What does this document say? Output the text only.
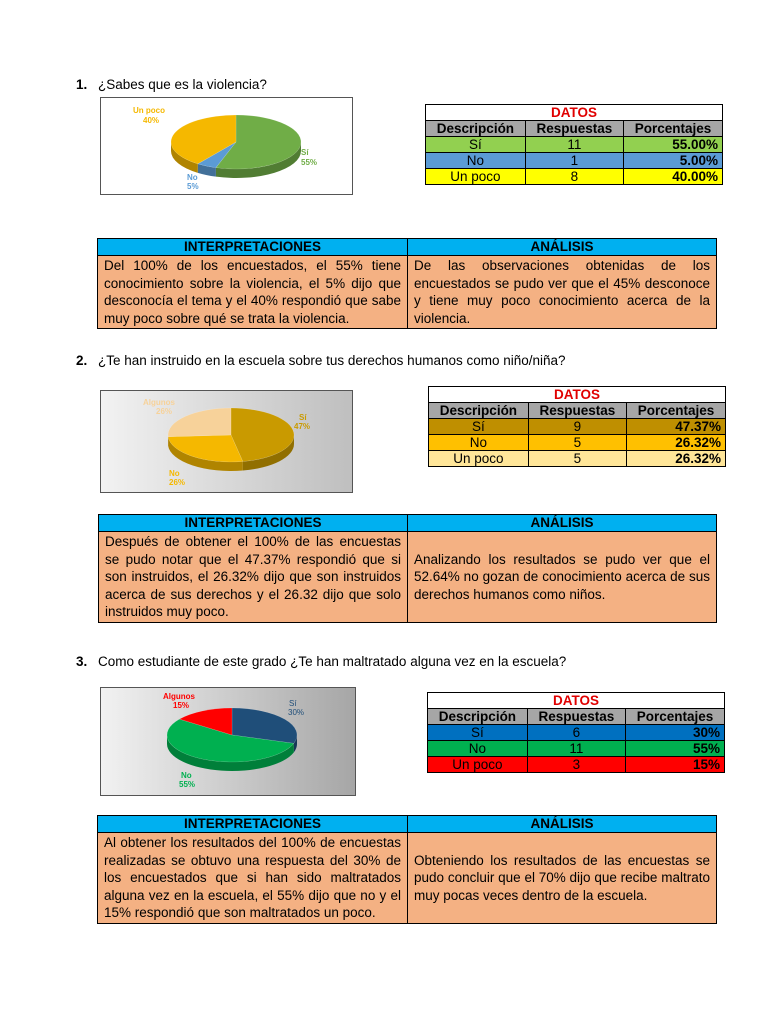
1. ¿Sabes que es la violencia?
Sí
55%
No
5%
Un poco
40%
DATOS		
Descripción	Respuestas	Porcentajes
Sí	11	55.00%
No	1	5.00%
Un poco	8	40.00%
INTERPRETACIONES	ANÁLISIS
Del 100% de los encuestados, el 55% tiene conocimiento sobre la violencia, el 5% dijo que desconocía el tema y el 40% respondió que sabe muy poco sobre qué se trata la violencia.	De las observaciones obtenidas de los encuestados se pudo ver que el 45% desconoce y tiene muy poco conocimiento acerca de la violencia.
2. ¿Te han instruido en la escuela sobre tus derechos humanos como niño/niña?
Sí
47%
No
26%
Algunos
26%
DATOS		
Descripción	Respuestas	Porcentajes
Sí	9	47.37%
No	5	26.32%
Un poco	5	26.32%
INTERPRETACIONES	ANÁLISIS
Después de obtener el 100% de las encuestas se pudo notar que el 47.37% respondió que si son instruidos, el 26.32% dijo que son instruidos acerca de sus derechos y el 26.32 dijo que solo instruidos muy poco.	Analizando los resultados se pudo ver que el 52.64% no gozan de conocimiento acerca de sus derechos humanos como niños.
3. Como estudiante de este grado ¿Te han maltratado alguna vez en la escuela?
Sí
30%
No
55%
Algunos
15%	DATOS		
Descripción	Respuestas	Porcentajes
Sí	6	30%
No	11	55%
Un poco	3	15%
INTERPRETACIONES	ANÁLISIS
Al obtener los resultados del 100% de encuestas realizadas se obtuvo una respuesta del 30% de los encuestados que si han sido maltratados alguna vez en la escuela, el 55% dijo que no y el 15% respondió que son maltratados un poco.	Obteniendo los resultados de las encuestas se pudo concluir que el 70% dijo que recibe maltrato muy pocas veces dentro de la escuela.
